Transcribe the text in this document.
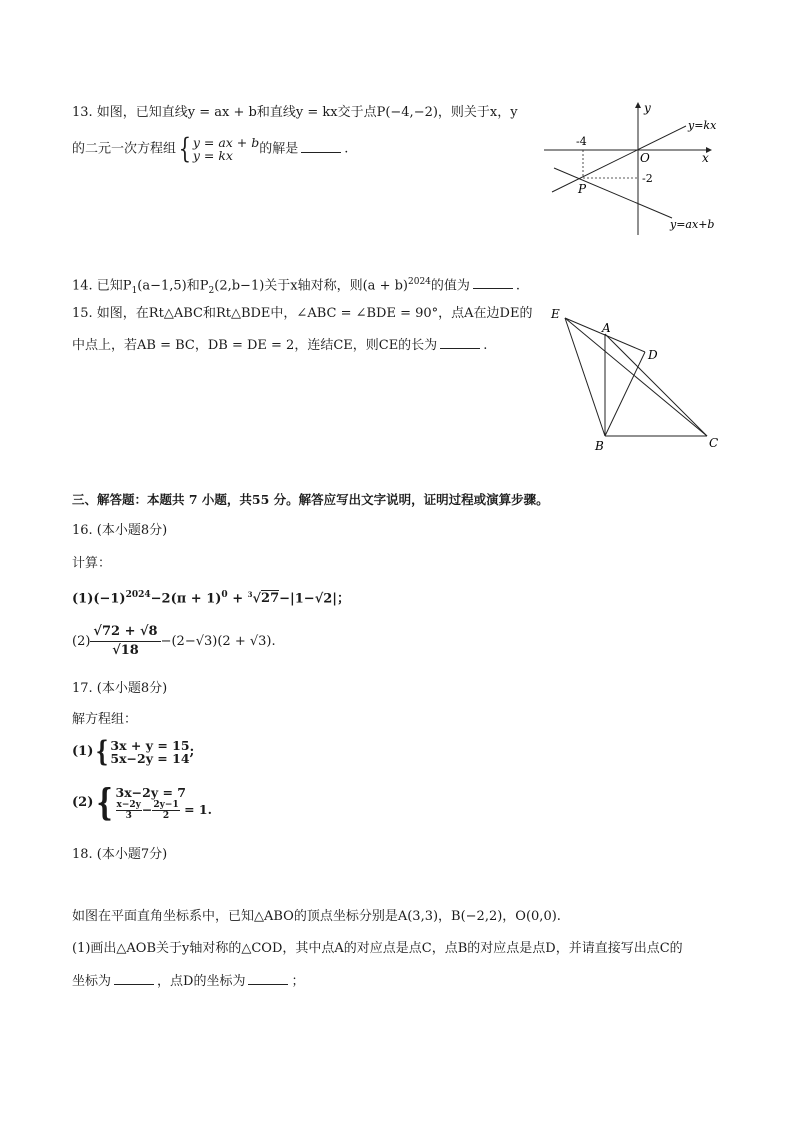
13. 如图，已知直线y = ax + b和直线y = kx交于点P(−4,−2)，则关于x，y
的二元一次方程组{ y = ax + b
y = kx	的解是	.
y
x
O
y=kx
y=ax+b
-4
-2
P
14. 已知$P_1(a-1,5)$和$P_2(2,b-1)$关于x轴对称，则$(a + b)^{2024}$的值为	.
15. 如图，在Rt△ABC和Rt△BDE中，∠ABC = ∠BDE = 90°，点A在边DE的
中点上，若AB = BC，DB = DE = 2，连结CE，则CE的长为	.
E
A
D
B	C
三、解答题：本题共 7 小题，共55 分。解答应写出文字说明，证明过程或演算步骤。
16. (本小题8分)
计算：
$(1)(-1)^{2024}-2(\pi + 1)^0 + ^3√27-|1-√2|$；
$(2) \frac{√72 + √8}{√18} -(2-√3)(2 + √3)$.
17. (本小题8分)
解方程组：
(1){ 3x + y = 15
5x−2y = 14 ;
(2){ 3x−2y = 7
$\frac{x-2y}{3} - \frac{2y-1}{2} = 1$.
18. (本小题7分)
如图在平面直角坐标系中，已知△ABO的顶点坐标分别是A(3,3)，B(−2,2)，O(0,0).
(1)画出△AOB关于y轴对称的△COD，其中点A的对应点是点C，点B的对应点是点D，并请直接写出点C的
坐标为	，点D的坐标为	；
